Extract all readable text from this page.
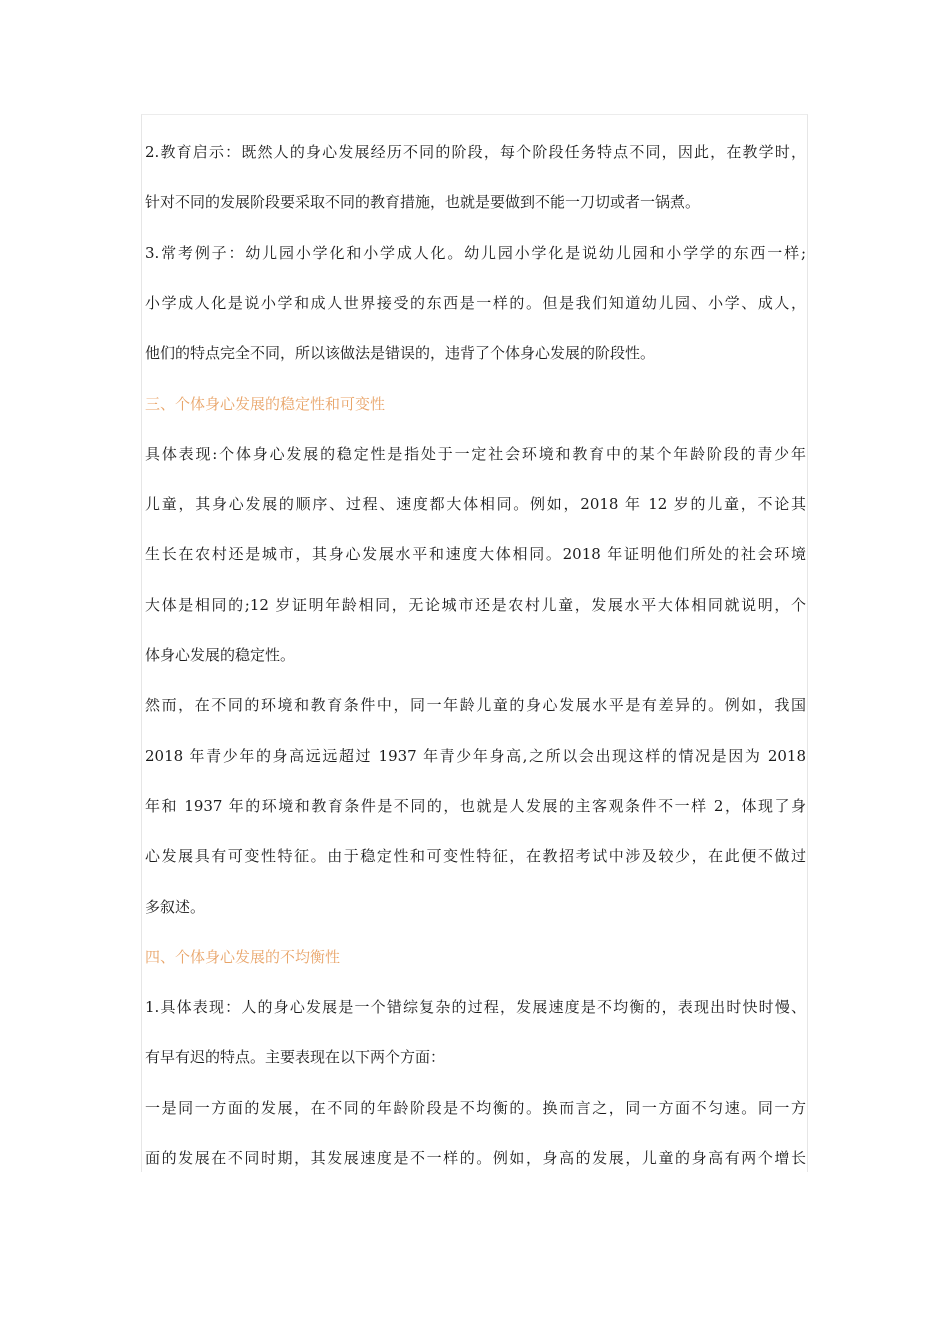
2.教育启示：既然人的身心发展经历不同的阶段，每个阶段任务特点不同，因此，在教学时，
针对不同的发展阶段要采取不同的教育措施，也就是要做到不能一刀切或者一锅煮。
3.常考例子：幼儿园小学化和小学成人化。幼儿园小学化是说幼儿园和小学学的东西一样;
小学成人化是说小学和成人世界接受的东西是一样的。但是我们知道幼儿园、小学、成人，
他们的特点完全不同，所以该做法是错误的，违背了个体身心发展的阶段性。
三、个体身心发展的稳定性和可变性
具体表现:个体身心发展的稳定性是指处于一定社会环境和教育中的某个年龄阶段的青少年
儿童，其身心发展的顺序、过程、速度都大体相同。例如，2018 年 12 岁的儿童，不论其
生长在农村还是城市，其身心发展水平和速度大体相同。2018 年证明他们所处的社会环境
大体是相同的;12 岁证明年龄相同，无论城市还是农村儿童，发展水平大体相同就说明，个
体身心发展的稳定性。
然而，在不同的环境和教育条件中，同一年龄儿童的身心发展水平是有差异的。例如，我国
2018 年青少年的身高远远超过 1937 年青少年身高,之所以会出现这样的情况是因为 2018
年和 1937 年的环境和教育条件是不同的，也就是人发展的主客观条件不一样 2，体现了身
心发展具有可变性特征。由于稳定性和可变性特征，在教招考试中涉及较少，在此便不做过
多叙述。
四、个体身心发展的不均衡性
1.具体表现：人的身心发展是一个错综复杂的过程，发展速度是不均衡的，表现出时快时慢、
有早有迟的特点。主要表现在以下两个方面：
一是同一方面的发展，在不同的年龄阶段是不均衡的。换而言之，同一方面不匀速。同一方
面的发展在不同时期，其发展速度是不一样的。例如，身高的发展，儿童的身高有两个增长
